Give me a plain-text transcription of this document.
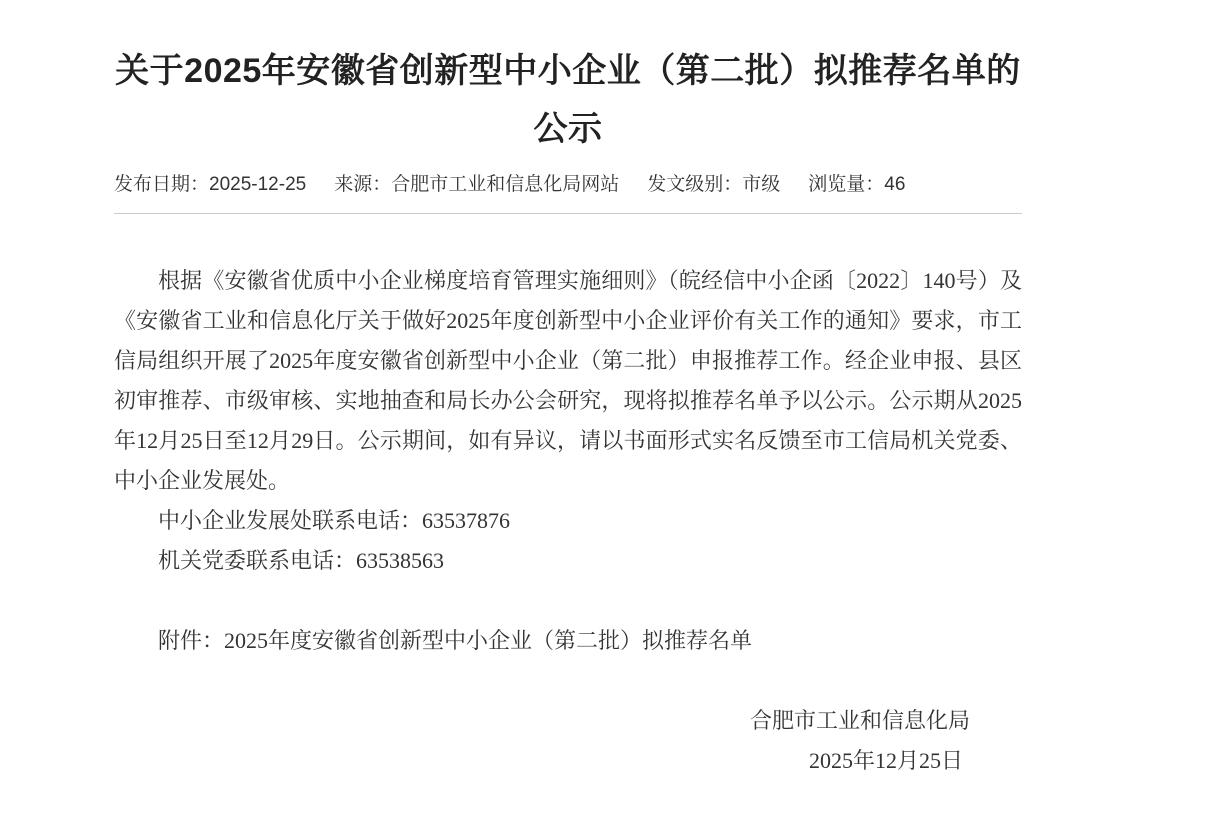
关于2025年安徽省创新型中小企业（第二批）拟推荐名单的公示
发布日期： 2025-12-25 来源： 合肥市工业和信息化局网站 发文级别： 市级 浏览量： 46

根据《安徽省优质中小企业梯度培育管理实施细则》（皖经信中小企函〔2022〕140号）及《安徽省工业和信息化厅关于做好2025年度创新型中小企业评价有关工作的通知》要求，市工信局组织开展了2025年度安徽省创新型中小企业（第二批）申报推荐工作。经企业申报、县区初审推荐、市级审核、实地抽查和局长办公会研究，现将拟推荐名单予以公示。公示期从2025年12月25日至12月29日。公示期间，如有异议，请以书面形式实名反馈至市工信局机关党委、中小企业发展处。

中小企业发展处联系电话：63537876

机关党委联系电话：63538563

附件：2025年度安徽省创新型中小企业（第二批）拟推荐名单

合肥市工业和信息化局

2025年12月25日
